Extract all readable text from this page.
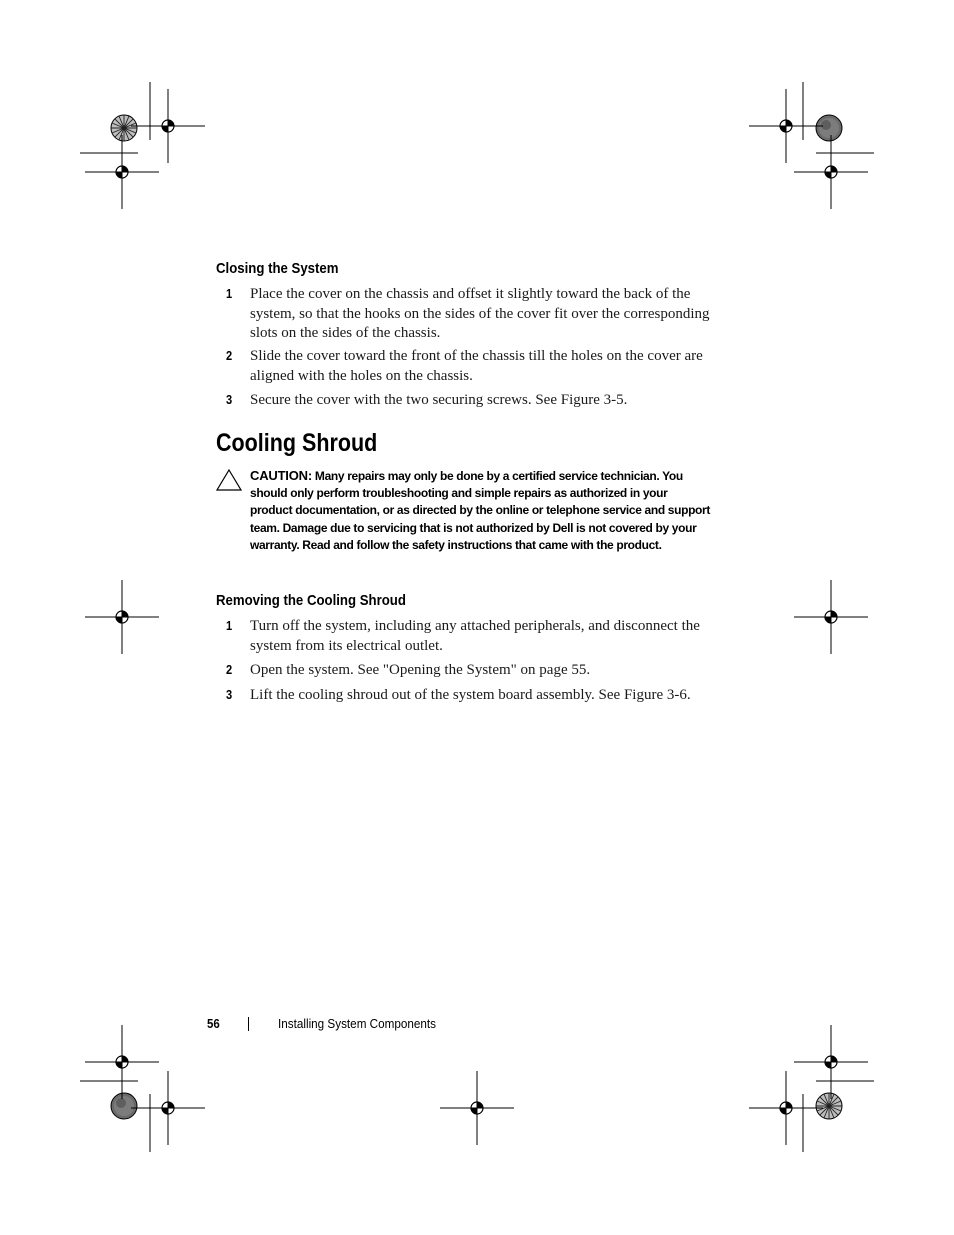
Closing the System
1 Place the cover on the chassis and offset it slightly toward the back of the system, so that the hooks on the sides of the cover fit over the corresponding slots on the sides of the chassis.
2 Slide the cover toward the front of the chassis till the holes on the cover are aligned with the holes on the chassis.
3 Secure the cover with the two securing screws. See Figure 3-5.
Cooling Shroud
CAUTION: Many repairs may only be done by a certified service technician. You should only perform troubleshooting and simple repairs as authorized in your product documentation, or as directed by the online or telephone service and support team. Damage due to servicing that is not authorized by Dell is not covered by your warranty. Read and follow the safety instructions that came with the product.
Removing the Cooling Shroud
1 Turn off the system, including any attached peripherals, and disconnect the system from its electrical outlet.
2 Open the system. See "Opening the System" on page 55.
3 Lift the cooling shroud out of the system board assembly. See Figure 3-6.
56	Installing System Components
